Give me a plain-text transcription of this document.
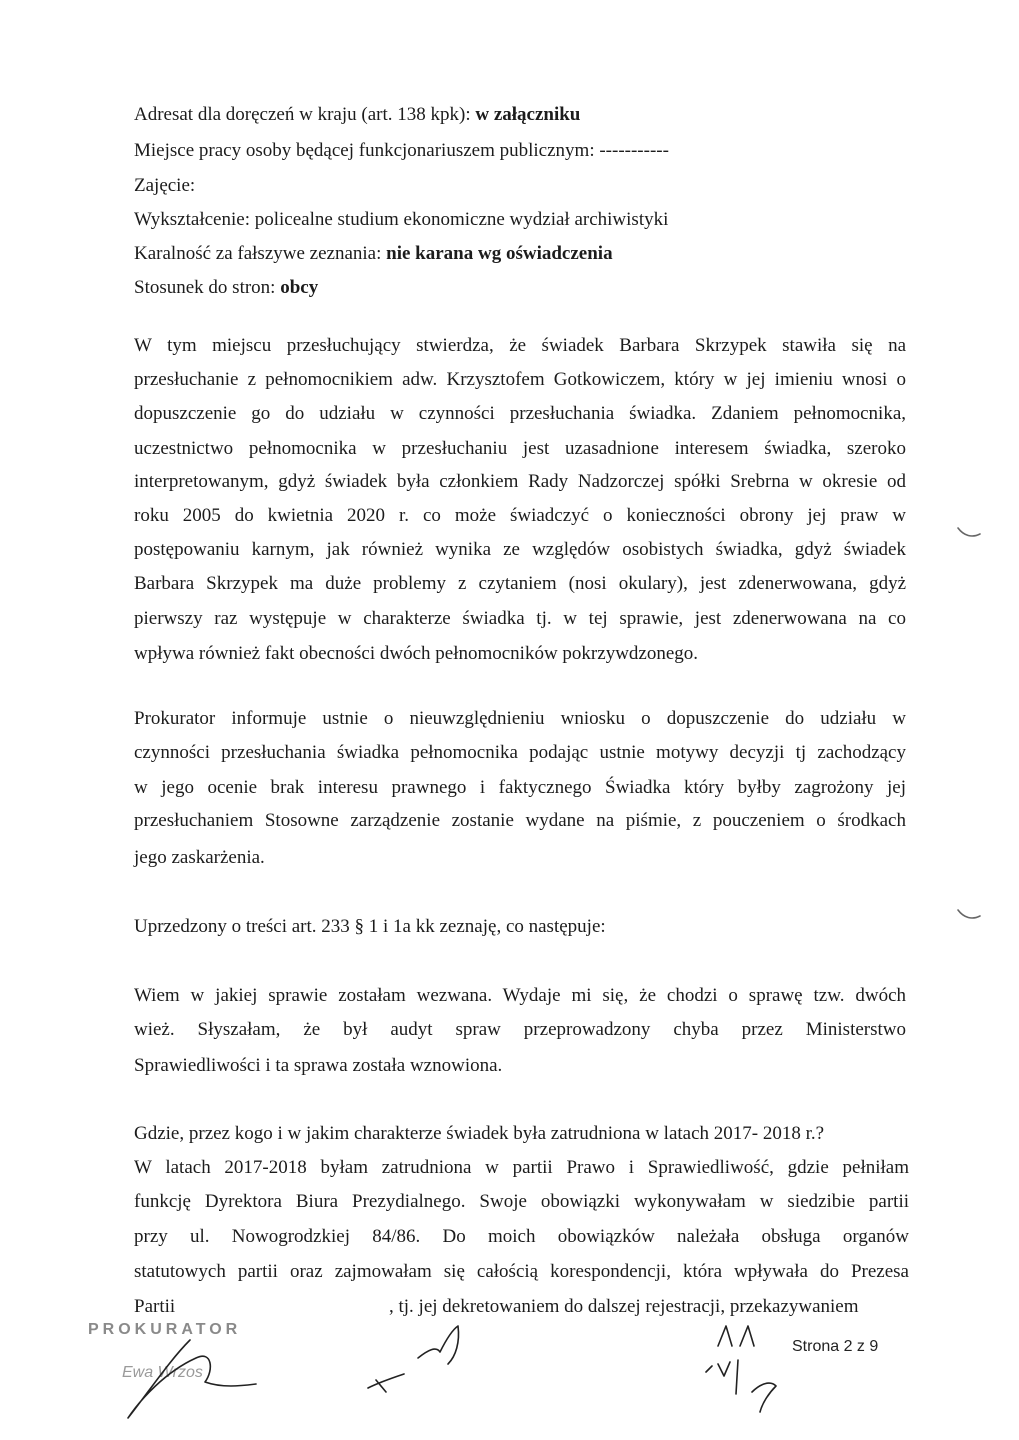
Adresat dla doręczeń w kraju (art. 138 kpk): w załączniku

Miejsce pracy osoby będącej funkcjonariuszem publicznym: -----------

Zajęcie:

Wykształcenie: policealne studium ekonomiczne wydział archiwistyki

Karalność za fałszywe zeznania: nie karana wg oświadczenia

Stosunek do stron: obcy

W tym miejscu przesłuchujący stwierdza, że świadek Barbara Skrzypek stawiła się na

przesłuchanie z pełnomocnikiem adw. Krzysztofem Gotkowiczem, który w jej imieniu wnosi o

dopuszczenie go do udziału w czynności przesłuchania świadka. Zdaniem pełnomocnika,

uczestnictwo pełnomocnika w przesłuchaniu jest uzasadnione interesem świadka, szeroko

interpretowanym, gdyż świadek była członkiem Rady Nadzorczej spółki Srebrna w okresie od

roku 2005 do kwietnia 2020 r. co może świadczyć o konieczności obrony jej praw w

postępowaniu karnym, jak również wynika ze względów osobistych świadka, gdyż świadek

Barbara Skrzypek ma duże problemy z czytaniem (nosi okulary), jest zdenerwowana, gdyż

pierwszy raz występuje w charakterze świadka tj. w tej sprawie, jest zdenerwowana na co

wpływa również fakt obecności dwóch pełnomocników pokrzywdzonego.

Prokurator informuje ustnie o nieuwzględnieniu wniosku o dopuszczenie do udziału w

czynności przesłuchania świadka pełnomocnika podając ustnie motywy decyzji tj zachodzący

w jego ocenie brak interesu prawnego i faktycznego Świadka który byłby zagrożony jej

przesłuchaniem Stosowne zarządzenie zostanie wydane na piśmie, z pouczeniem o środkach

jego zaskarżenia.

Uprzedzony o treści art. 233 § 1 i 1a kk zeznaję, co następuje:

Wiem w jakiej sprawie zostałam wezwana. Wydaje mi się, że chodzi o sprawę tzw. dwóch

wież. Słyszałam, że był audyt spraw przeprowadzony chyba przez Ministerstwo

Sprawiedliwości i ta sprawa została wznowiona.

Gdzie, przez kogo i w jakim charakterze świadek była zatrudniona w latach 2017- 2018 r.?

W latach 2017-2018 byłam zatrudniona w partii Prawo i Sprawiedliwość, gdzie pełniłam

funkcję Dyrektora Biura Prezydialnego. Swoje obowiązki wykonywałam w siedzibie partii

przy ul. Nowogrodzkiej 84/86. Do moich obowiązków należała obsługa organów

statutowych partii oraz zajmowałam się całością korespondencji, która wpływała do Prezesa

Partii	, tj. jej dekretowaniem do dalszej rejestracji, przekazywaniem

PROKURATOR
Ewa Wrzos
Strona 2 z 9
